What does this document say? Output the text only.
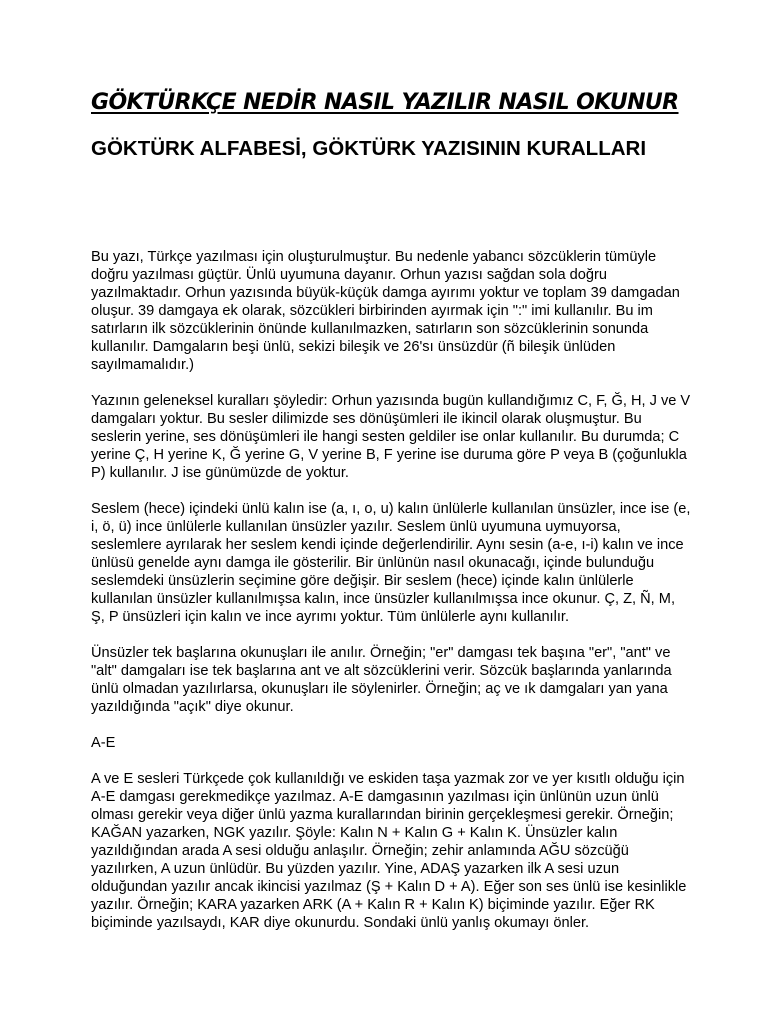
GÖKTÜRKÇE NEDİR NASIL YAZILIR NASIL OKUNUR
GÖKTÜRK ALFABESİ, GÖKTÜRK YAZISININ KURALLARI

Bu yazı, Türkçe yazılması için oluşturulmuştur. Bu nedenle yabancı sözcüklerin tümüyle doğru yazılması güçtür. Ünlü uyumuna dayanır. Orhun yazısı sağdan sola doğru yazılmaktadır. Orhun yazısında büyük-küçük damga ayırımı yoktur ve toplam 39 damgadan oluşur. 39 damgaya ek olarak, sözcükleri birbirinden ayırmak için ":" imi kullanılır. Bu im satırların ilk sözcüklerinin önünde kullanılmazken, satırların son sözcüklerinin sonunda kullanılır. Damgaların beşi ünlü, sekizi bileşik ve 26'sı ünsüzdür (ñ bileşik ünlüden sayılmamalıdır.)

Yazının geleneksel kuralları şöyledir: Orhun yazısında bugün kullandığımız C, F, Ğ, H, J ve V damgaları yoktur. Bu sesler dilimizde ses dönüşümleri ile ikincil olarak oluşmuştur. Bu seslerin yerine, ses dönüşümleri ile hangi sesten geldiler ise onlar kullanılır. Bu durumda; C yerine Ç, H yerine K, Ğ yerine G, V yerine B, F yerine ise duruma göre P veya B (çoğunlukla P) kullanılır. J ise günümüzde de yoktur.

Seslem (hece) içindeki ünlü kalın ise (a, ı, o, u) kalın ünlülerle kullanılan ünsüzler, ince ise (e, i, ö, ü) ince ünlülerle kullanılan ünsüzler yazılır. Seslem ünlü uyumuna uymuyorsa, seslemlere ayrılarak her seslem kendi içinde değerlendirilir. Aynı sesin (a-e, ı-i) kalın ve ince ünlüsü genelde aynı damga ile gösterilir. Bir ünlünün nasıl okunacağı, içinde bulunduğu seslemdeki ünsüzlerin seçimine göre değişir. Bir seslem (hece) içinde kalın ünlülerle kullanılan ünsüzler kullanılmışsa kalın, ince ünsüzler kullanılmışsa ince okunur. Ç, Z, Ñ, M, Ş, P ünsüzleri için kalın ve ince ayrımı yoktur. Tüm ünlülerle aynı kullanılır.

Ünsüzler tek başlarına okunuşları ile anılır. Örneğin; "er" damgası tek başına "er", "ant" ve "alt" damgaları ise tek başlarına ant ve alt sözcüklerini verir. Sözcük başlarında yanlarında ünlü olmadan yazılırlarsa, okunuşları ile söylenirler. Örneğin; aç ve ık damgaları yan yana yazıldığında "açık" diye okunur.

A-E

A ve E sesleri Türkçede çok kullanıldığı ve eskiden taşa yazmak zor ve yer kısıtlı olduğu için A-E damgası gerekmedikçe yazılmaz. A-E damgasının yazılması için ünlünün uzun ünlü olması gerekir veya diğer ünlü yazma kurallarından birinin gerçekleşmesi gerekir. Örneğin; KAĞAN yazarken, NGK yazılır. Şöyle: Kalın N + Kalın G + Kalın K. Ünsüzler kalın yazıldığından arada A sesi olduğu anlaşılır. Örneğin; zehir anlamında AĞU sözcüğü yazılırken, A uzun ünlüdür. Bu yüzden yazılır. Yine, ADAŞ yazarken ilk A sesi uzun olduğundan yazılır ancak ikincisi yazılmaz (Ş + Kalın D + A). Eğer son ses ünlü ise kesinlikle yazılır. Örneğin; KARA yazarken ARK (A + Kalın R + Kalın K) biçiminde yazılır. Eğer RK biçiminde yazılsaydı, KAR diye okunurdu. Sondaki ünlü yanlış okumayı önler.
